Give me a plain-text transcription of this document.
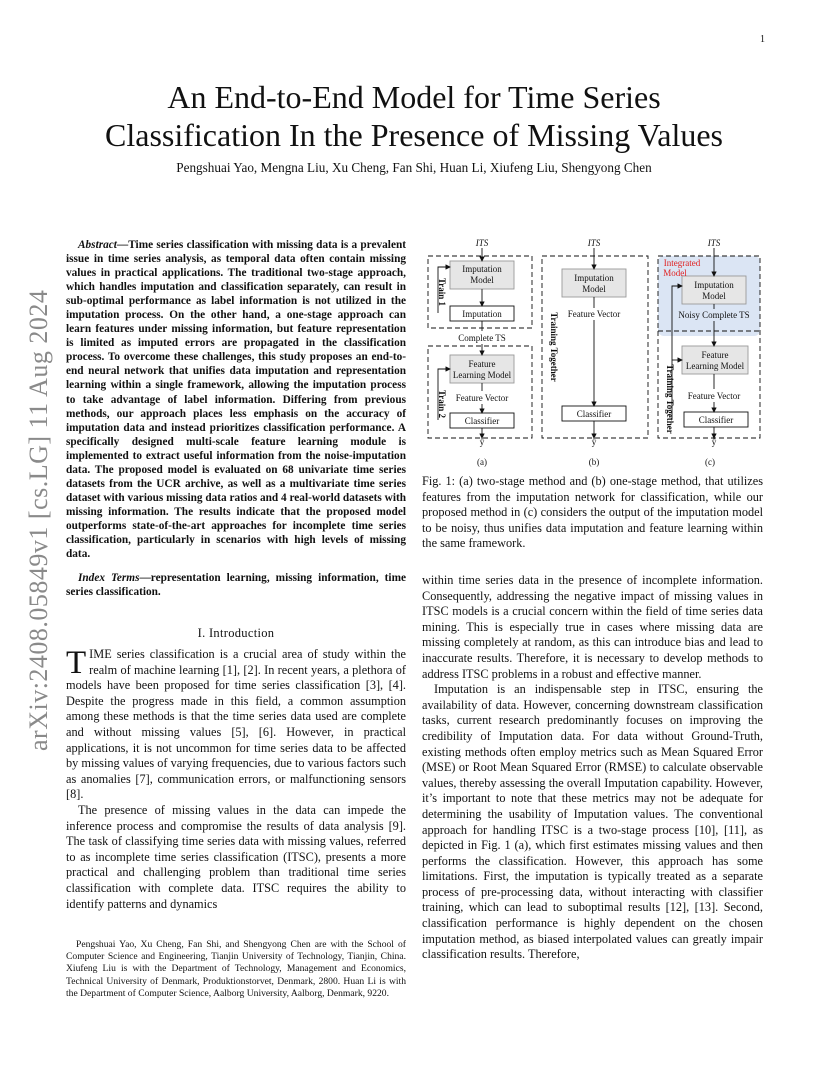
1
arXiv:2408.05849v1 [cs.LG] 11 Aug 2024
An End-to-End Model for Time Series
Classification In the Presence of Missing Values
Pengshuai Yao, Mengna Liu, Xu Cheng, Fan Shi, Huan Li, Xiufeng Liu, Shengyong Chen
Abstract—Time series classification with missing data is a prevalent issue in time series analysis, as temporal data often contain missing values in practical applications. The traditional two-stage approach, which handles imputation and classification separately, can result in sub-optimal performance as label information is not utilized in the imputation process. On the other hand, a one-stage approach can learn features under missing information, but feature representation is limited as imputed errors are propagated in the classification process. To overcome these challenges, this study proposes an end-to-end neural network that unifies data imputation and representation learning within a single framework, allowing the imputation process to take advantage of label information. Differing from previous methods, our approach places less emphasis on the accuracy of imputation data and instead prioritizes classification performance. A specifically designed multi-scale feature learning module is implemented to extract useful information from the noise-imputation data. The proposed model is evaluated on 68 univariate time series datasets from the UCR archive, as well as a multivariate time series dataset with various missing data ratios and 4 real-world datasets with missing information. The results indicate that the proposed model outperforms state-of-the-art approaches for incomplete time series classification, particularly in scenarios with high levels of missing data.
Index Terms—representation learning, missing information, time series classification.
I. Introduction

TIME series classification is a crucial area of study within the realm of machine learning [1], [2]. In recent years, a plethora of models have been proposed for time series classification [3], [4]. Despite the progress made in this field, a common assumption among these methods is that the time series data used are complete and without missing values [5], [6]. However, in practical applications, it is not uncommon for time series data to be affected by missing values of varying frequencies, due to various factors such as anomalies [7], communication errors, or malfunctioning sensors [8].

The presence of missing values in the data can impede the inference process and compromise the results of data analysis [9]. The task of classifying time series data with missing values, referred to as incomplete time series classification (ITSC), presents a more practical and challenging problem than traditional time series classification with complete data. ITSC requires the ability to identify patterns and dynamics

Pengshuai Yao, Xu Cheng, Fan Shi, and Shengyong Chen are with the School of Computer Science and Engineering, Tianjin University of Technology, Tianjin, China. Xiufeng Liu is with the Department of Technology, Management and Economics, Technical University of Denmark, Produktionstorvet, Denmark, 2800. Huan Li is with the Department of Computer Science, Aalborg University, Aalborg, Denmark, 9220.
ITS
Imputation
Model
Imputation
Complete TS
Feature
Learning Model
Feature Vector
Classifier
ŷ
(a)
Train 1
Train 2
ITS
Imputation
Model
Feature Vector
Classifier
ŷ
(b)
Training Together
ITS
Integrated
Model
Imputation
Model
Noisy Complete TS
Feature
Learning Model
Feature Vector
Classifier
ŷ
(c)
Training Together
Fig. 1: (a) two-stage method and (b) one-stage method, that utilizes features from the imputation network for classification, while our proposed method in (c) considers the output of the imputation model to be noisy, thus unifies data imputation and feature learning within the same framework.

within time series data in the presence of incomplete information. Consequently, addressing the negative impact of missing values in ITSC models is a crucial concern within the field of time series data mining. This is especially true in cases where missing data are missing completely at random, as this can introduce bias and lead to inaccurate results. Therefore, it is necessary to develop methods to address ITSC problems in a robust and effective manner.

Imputation is an indispensable step in ITSC, ensuring the availability of data. However, concerning downstream classification tasks, current research predominantly focuses on improving the credibility of Imputation data. For data without Ground-Truth, existing methods often employ metrics such as Mean Squared Error (MSE) or Root Mean Squared Error (RMSE) to calculate observable values, thereby assessing the overall Imputation capability. However, it’s important to note that these metrics may not be adequate for determining the usability of Imputation values. The conventional approach for handling ITSC is a two-stage process [10], [11], as depicted in Fig. 1 (a), which first estimates missing values and then performs the classification. However, this approach has some limitations. First, the imputation is typically treated as a separate process of pre-processing data, without interacting with classifier training, which can lead to suboptimal results [12], [13]. Second, classification performance is highly dependent on the chosen imputation method, as biased interpolated values can greatly impair classification results. Therefore,
